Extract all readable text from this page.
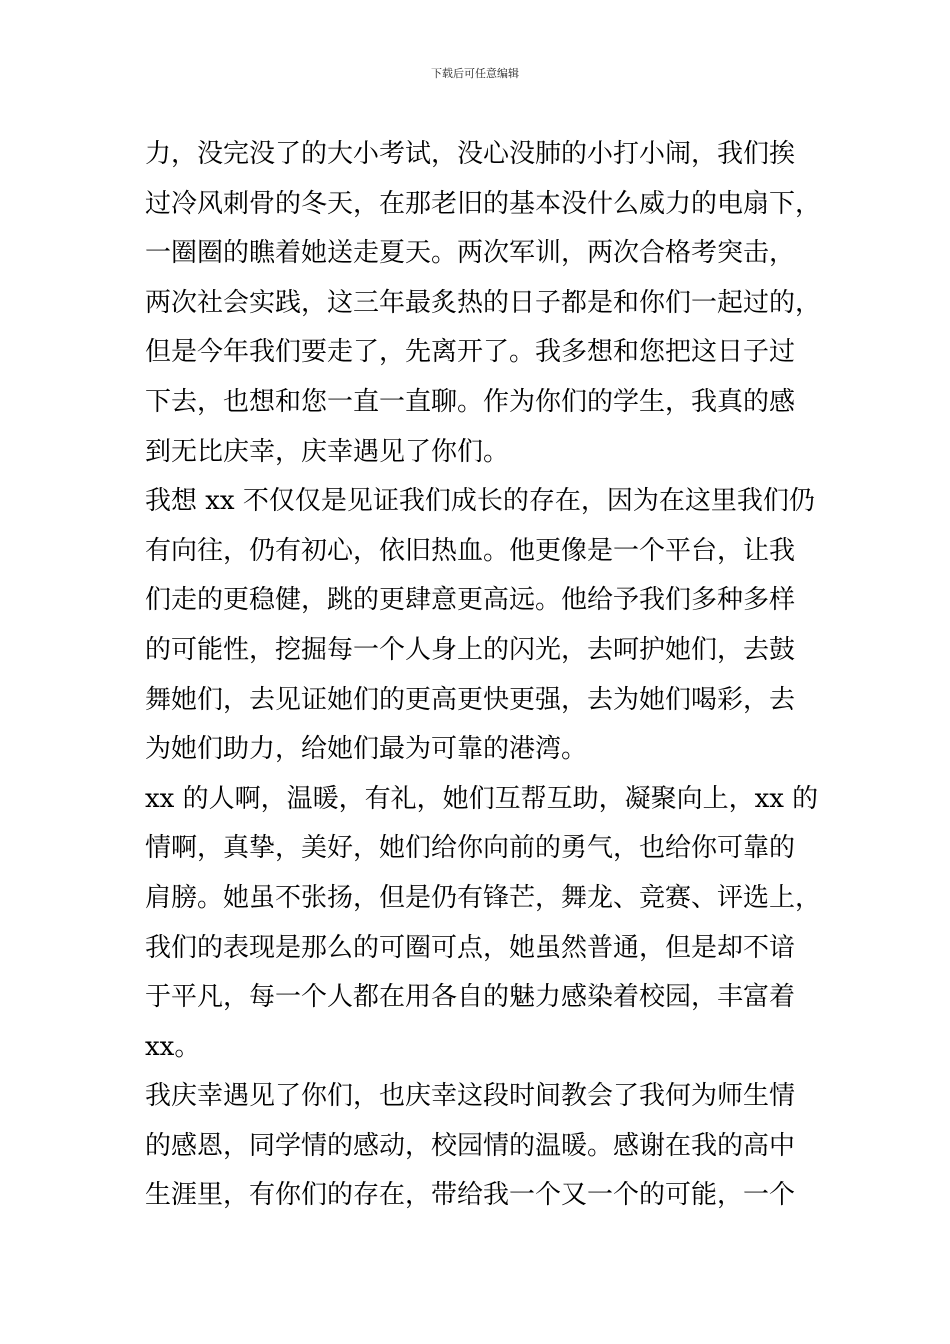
下载后可任意编辑
力，没完没了的大小考试，没心没肺的小打小闹，我们挨
过冷风刺骨的冬天，在那老旧的基本没什么威力的电扇下，
一圈圈的瞧着她送走夏天。两次军训，两次合格考突击，
两次社会实践，这三年最炙热的日子都是和你们一起过的，
但是今年我们要走了，先离开了。我多想和您把这日子过
下去，也想和您一直一直聊。作为你们的学生，我真的感
到无比庆幸，庆幸遇见了你们。
我想 xx 不仅仅是见证我们成长的存在，因为在这里我们仍
有向往，仍有初心，依旧热血。他更像是一个平台，让我
们走的更稳健，跳的更肆意更高远。他给予我们多种多样
的可能性，挖掘每一个人身上的闪光，去呵护她们，去鼓
舞她们，去见证她们的更高更快更强，去为她们喝彩，去
为她们助力，给她们最为可靠的港湾。
xx 的人啊，温暖，有礼，她们互帮互助，凝聚向上，xx 的
情啊，真挚，美好，她们给你向前的勇气，也给你可靠的
肩膀。她虽不张扬，但是仍有锋芒，舞龙、竞赛、评选上，
我们的表现是那么的可圈可点，她虽然普通，但是却不谙
于平凡，每一个人都在用各自的魅力感染着校园，丰富着
xx。
我庆幸遇见了你们，也庆幸这段时间教会了我何为师生情
的感恩，同学情的感动，校园情的温暖。感谢在我的高中
生涯里，有你们的存在，带给我一个又一个的可能，一个
